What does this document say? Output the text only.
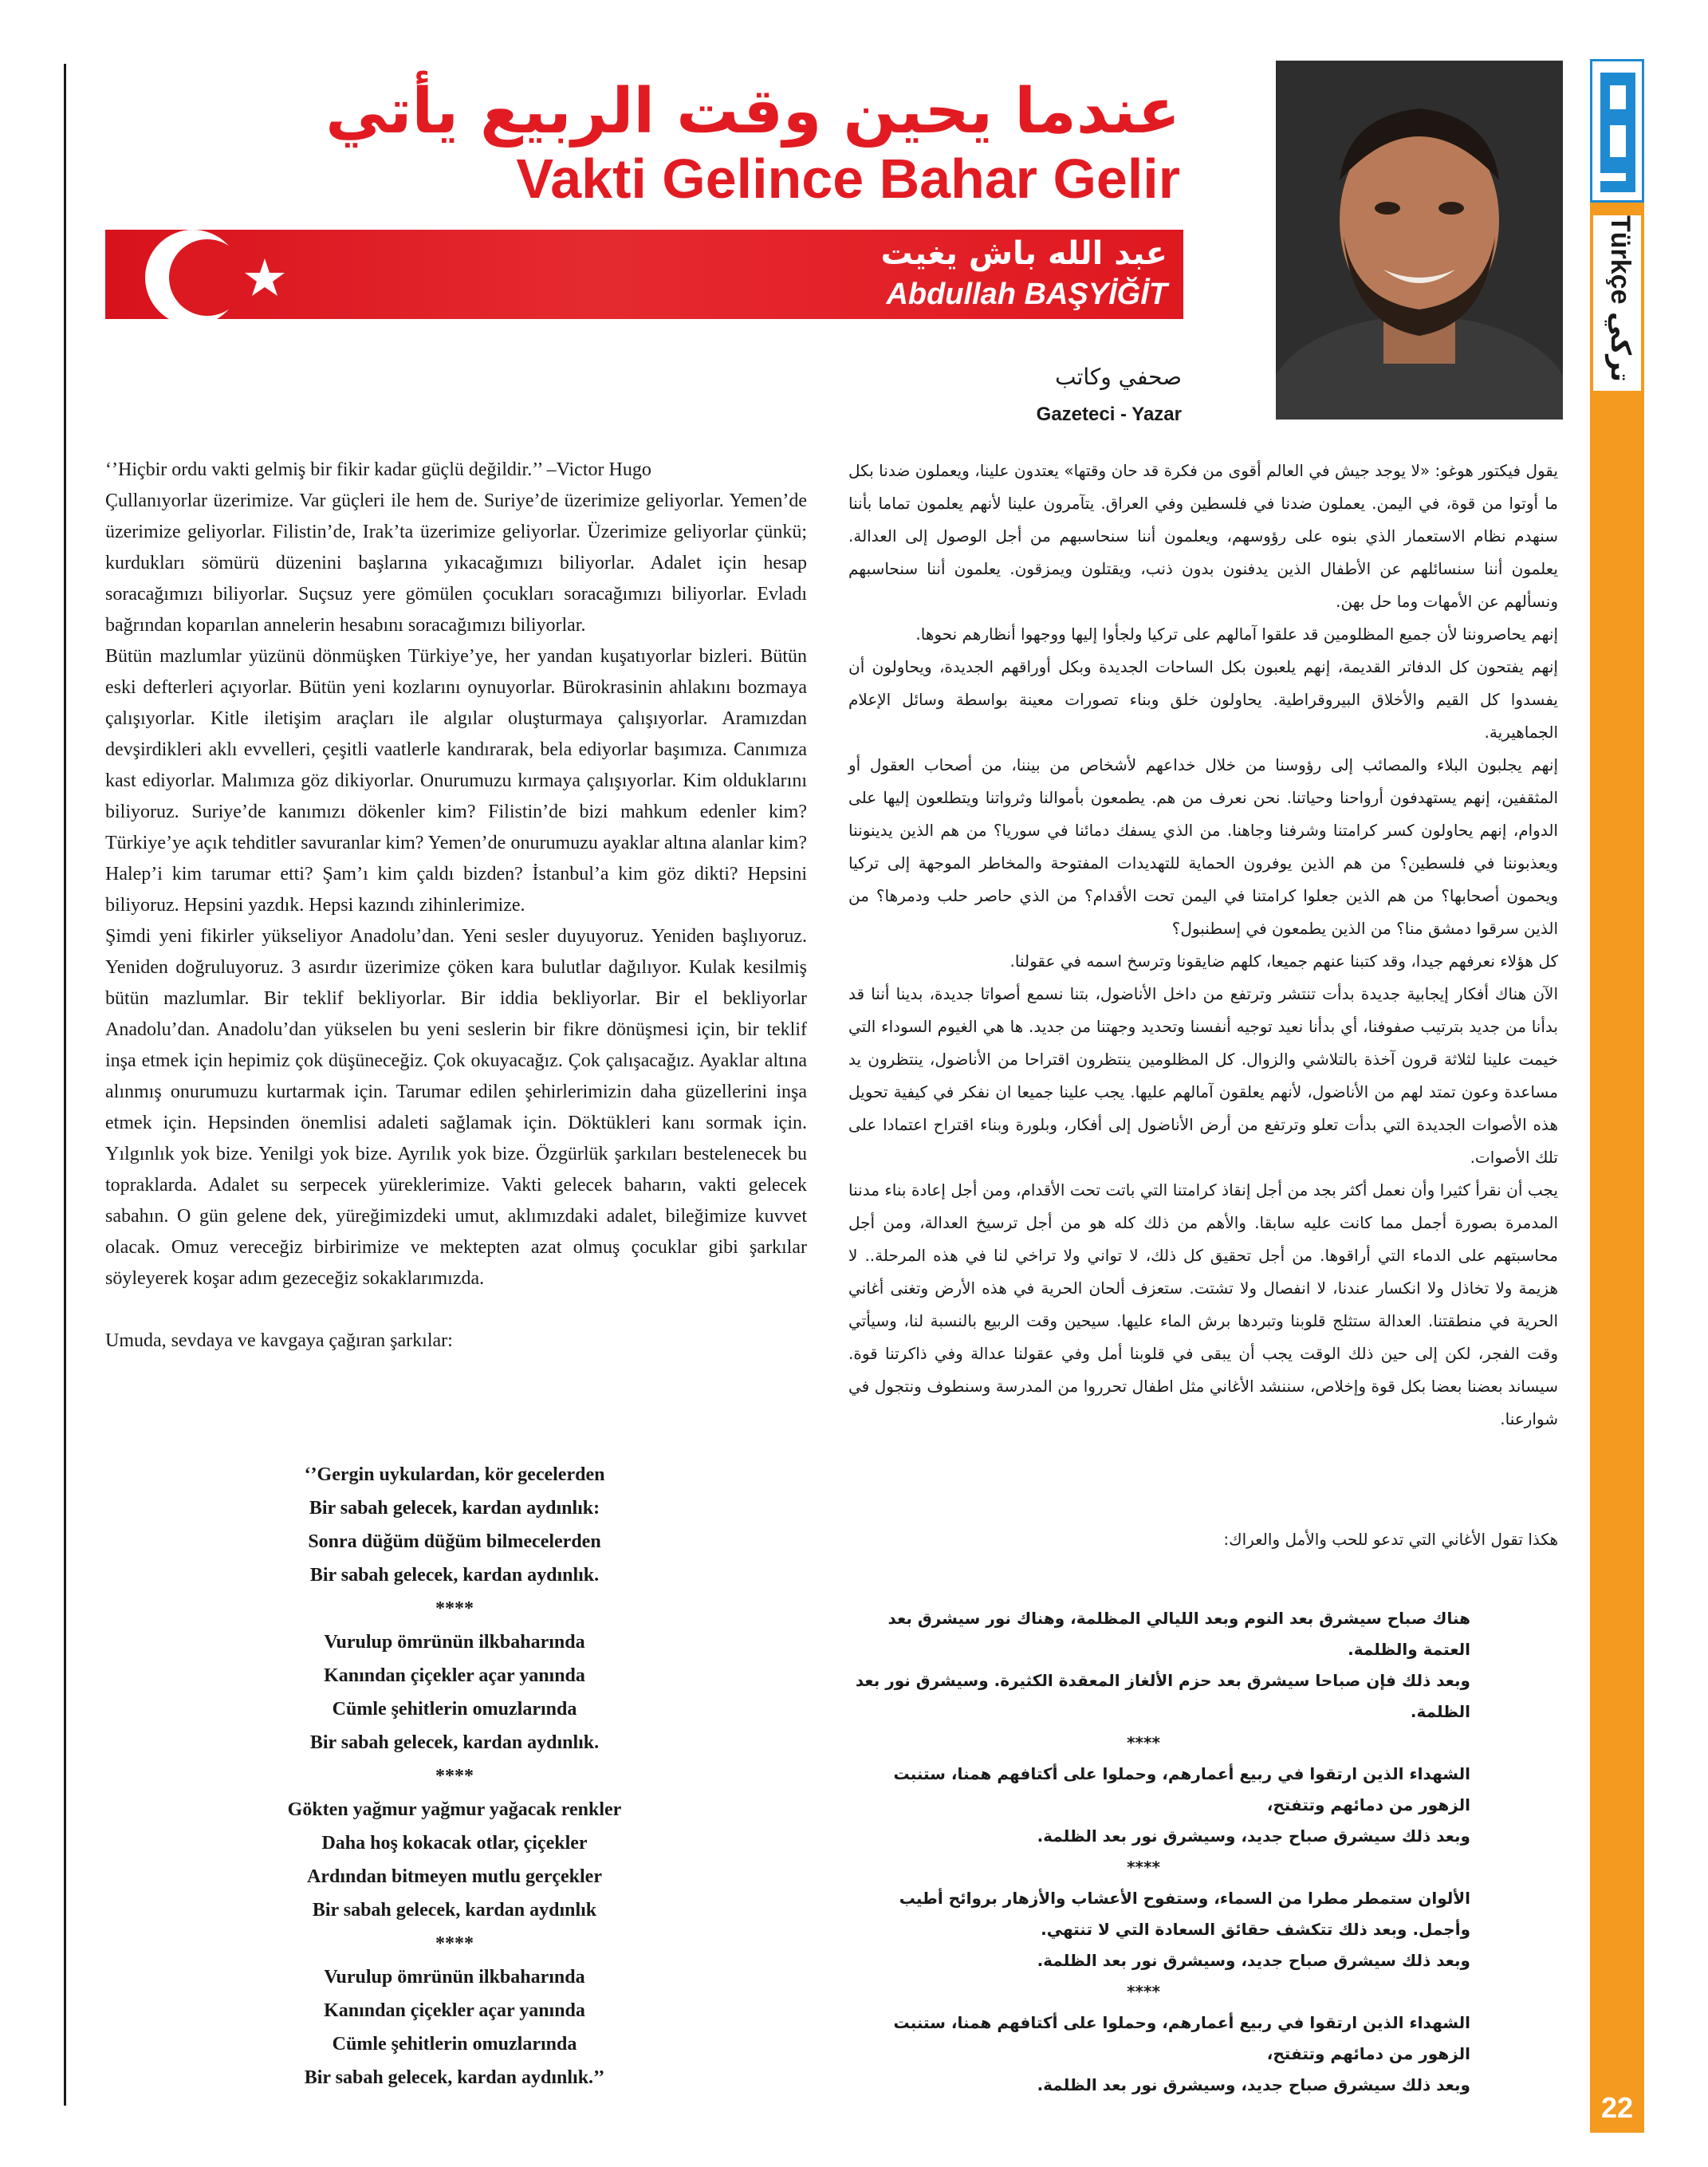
Türkçe تركي
22
عندما يحين وقت الربيع يأتي
Vakti Gelince Bahar Gelir
عبد الله باش يغيت
Abdullah BAŞYİĞİT
صحفي وكاتب
Gazeteci - Yazar

‘’Hiçbir ordu vakti gelmiş bir fikir kadar güçlü değildir.’’ –Victor Hugo

Çullanıyorlar üzerimize. Var güçleri ile hem de. Suriye’de üzerimize geliyorlar. Yemen’de üzerimize geliyorlar. Filistin’de, Irak’ta üzerimize geliyorlar. Üzerimize geliyorlar çünkü; kurdukları sömürü düzenini başlarına yıkacağımızı biliyorlar. Adalet için hesap soracağımızı biliyorlar. Suçsuz yere gömülen çocukları soracağımızı biliyorlar. Evladı bağrından koparılan annelerin hesabını soracağımızı biliyorlar.

Bütün mazlumlar yüzünü dönmüşken Türkiye’ye, her yandan kuşatıyorlar bizleri. Bütün eski defterleri açıyorlar. Bütün yeni kozlarını oynuyorlar. Bürokrasinin ahlakını bozmaya çalışıyorlar. Kitle iletişim araçları ile algılar oluşturmaya çalışıyorlar. Aramızdan devşirdikleri aklı evvelleri, çeşitli vaatlerle kandırarak, bela ediyorlar başımıza. Canımıza kast ediyorlar. Malımıza göz dikiyorlar. Onurumuzu kırmaya çalışıyorlar. Kim olduklarını biliyoruz. Suriye’de kanımızı dökenler kim? Filistin’de bizi mahkum edenler kim? Türkiye’ye açık tehditler savuranlar kim? Yemen’de onurumuzu ayaklar altına alanlar kim? Halep’i kim tarumar etti? Şam’ı kim çaldı bizden? İstanbul’a kim göz dikti? Hepsini biliyoruz. Hepsini yazdık. Hepsi kazındı zihinlerimize.

Şimdi yeni fikirler yükseliyor Anadolu’dan. Yeni sesler duyuyoruz. Yeniden başlıyoruz. Yeniden doğruluyoruz. 3 asırdır üzerimize çöken kara bulutlar dağılıyor. Kulak kesilmiş bütün mazlumlar. Bir teklif bekliyorlar. Bir iddia bekliyorlar. Bir el bekliyorlar Anadolu’dan. Anadolu’dan yükselen bu yeni seslerin bir fikre dönüşmesi için, bir teklif inşa etmek için hepimiz çok düşüneceğiz. Çok okuyacağız. Çok çalışacağız. Ayaklar altına alınmış onurumuzu kurtarmak için. Tarumar edilen şehirlerimizin daha güzellerini inşa etmek için. Hepsinden önemlisi adaleti sağlamak için. Döktükleri kanı sormak için. Yılgınlık yok bize. Yenilgi yok bize. Ayrılık yok bize. Özgürlük şarkıları bestelenecek bu topraklarda. Adalet su serpecek yüreklerimize. Vakti gelecek baharın, vakti gelecek sabahın. O gün gelene dek, yüreğimizdeki umut, aklımızdaki adalet, bileğimize kuvvet olacak. Omuz vereceğiz birbirimize ve mektepten azat olmuş çocuklar gibi şarkılar söyleyerek koşar adım gezeceğiz sokaklarımızda.

Umuda, sevdaya ve kavgaya çağıran şarkılar:

‘’Gergin uykulardan, kör gecelerden
Bir sabah gelecek, kardan aydınlık:
Sonra düğüm düğüm bilmecelerden
Bir sabah gelecek, kardan aydınlık.
****
Vurulup ömrünün ilkbaharında
Kanından çiçekler açar yanında
Cümle şehitlerin omuzlarında
Bir sabah gelecek, kardan aydınlık.
****
Gökten yağmur yağmur yağacak renkler
Daha hoş kokacak otlar, çiçekler
Ardından bitmeyen mutlu gerçekler
Bir sabah gelecek, kardan aydınlık
****
Vurulup ömrünün ilkbaharında
Kanından çiçekler açar yanında
Cümle şehitlerin omuzlarında
Bir sabah gelecek, kardan aydınlık.’’

يقول فيكتور هوغو: «لا يوجد جيش في العالم أقوى من فكرة قد حان وقتها» يعتدون علينا، ويعملون ضدنا بكل ما أوتوا من قوة، في اليمن. يعملون ضدنا في فلسطين وفي العراق. يتآمرون علينا لأنهم يعلمون تماما بأننا سنهدم نظام الاستعمار الذي بنوه على رؤوسهم، ويعلمون أننا سنحاسبهم من أجل الوصول إلى العدالة. يعلمون أننا سنسائلهم عن الأطفال الذين يدفنون بدون ذنب، ويقتلون ويمزقون. يعلمون أننا سنحاسبهم ونسألهم عن الأمهات وما حل بهن.

إنهم يحاصروننا لأن جميع المظلومين قد علقوا آمالهم على تركيا ولجأوا إليها ووجهوا أنظارهم نحوها.

إنهم يفتحون كل الدفاتر القديمة، إنهم يلعبون بكل الساحات الجديدة وبكل أوراقهم الجديدة، ويحاولون أن يفسدوا كل القيم والأخلاق البيروقراطية. يحاولون خلق وبناء تصورات معينة بواسطة وسائل الإعلام الجماهيرية.

إنهم يجلبون البلاء والمصائب إلى رؤوسنا من خلال خداعهم لأشخاص من بيننا، من أصحاب العقول أو المثقفين، إنهم يستهدفون أرواحنا وحياتنا. نحن نعرف من هم. يطمعون بأموالنا وثرواتنا ويتطلعون إليها على الدوام، إنهم يحاولون كسر كرامتنا وشرفنا وجاهنا. من الذي يسفك دمائنا في سوريا؟ من هم الذين يدينوننا ويعذبوننا في فلسطين؟ من هم الذين يوفرون الحماية للتهديدات المفتوحة والمخاطر الموجهة إلى تركيا ويحمون أصحابها؟ من هم الذين جعلوا كرامتنا في اليمن تحت الأقدام؟ من الذي حاصر حلب ودمرها؟ من الذين سرقوا دمشق منا؟ من الذين يطمعون في إسطنبول؟

كل هؤلاء نعرفهم جيدا، وقد كتبنا عنهم جميعا، كلهم ضايقونا وترسخ اسمه في عقولنا.

الآن هناك أفكار إيجابية جديدة بدأت تنتشر وترتفع من داخل الأناضول، بتنا نسمع أصواتا جديدة، بدينا أننا قد بدأنا من جديد بترتيب صفوفنا، أي بدأنا نعيد توجيه أنفسنا وتحديد وجهتنا من جديد. ها هي الغيوم السوداء التي خيمت علينا لثلاثة قرون آخذة بالتلاشي والزوال. كل المظلومين ينتظرون اقتراحا من الأناضول، ينتظرون يد مساعدة وعون تمتد لهم من الأناضول، لأنهم يعلقون آمالهم عليها. يجب علينا جميعا ان نفكر في كيفية تحويل هذه الأصوات الجديدة التي بدأت تعلو وترتفع من أرض الأناضول إلى أفكار، وبلورة وبناء اقتراح اعتمادا على تلك الأصوات.

يجب أن نقرأ كثيرا وأن نعمل أكثر بجد من أجل إنقاذ كرامتنا التي باتت تحت الأقدام، ومن أجل إعادة بناء مدننا المدمرة بصورة أجمل مما كانت عليه سابقا. والأهم من ذلك كله هو من أجل ترسيخ العدالة، ومن أجل محاسبتهم على الدماء التي أراقوها. من أجل تحقيق كل ذلك، لا تواني ولا تراخي لنا في هذه المرحلة.. لا هزيمة ولا تخاذل ولا انكسار عندنا، لا انفصال ولا تشتت. ستعزف ألحان الحرية في هذه الأرض وتغنى أغاني الحرية في منطقتنا. العدالة ستثلج قلوبنا وتبردها برش الماء عليها. سيحين وقت الربيع بالنسبة لنا، وسيأتي وقت الفجر، لكن إلى حين ذلك الوقت يجب أن يبقى في قلوبنا أمل وفي عقولنا عدالة وفي ذاكرتنا قوة. سيساند بعضنا بعضا بكل قوة وإخلاص، سننشد الأغاني مثل اطفال تحرروا من المدرسة وسنطوف ونتجول في شوارعنا.

هكذا تقول الأغاني التي تدعو للحب والأمل والعراك:
هناك صباح سيشرق بعد النوم وبعد الليالي المظلمة، وهناك نور سيشرق بعد العتمة والظلمة.
وبعد ذلك فإن صباحا سيشرق بعد حزم الألغاز المعقدة الكثيرة. وسيشرق نور بعد الظلمة.
****
الشهداء الذين ارتقوا في ربيع أعمارهم، وحملوا على أكتافهم همنا، ستنبت الزهور من دمائهم وتتفتح،
وبعد ذلك سيشرق صباح جديد، وسيشرق نور بعد الظلمة.
****
الألوان ستمطر مطرا من السماء، وستفوح الأعشاب والأزهار بروائح أطيب وأجمل. وبعد ذلك تتكشف حقائق السعادة التي لا تنتهي.
وبعد ذلك سيشرق صباح جديد، وسيشرق نور بعد الظلمة.
****
الشهداء الذين ارتقوا في ربيع أعمارهم، وحملوا على أكتافهم همنا، ستنبت الزهور من دمائهم وتتفتح،
وبعد ذلك سيشرق صباح جديد، وسيشرق نور بعد الظلمة.
